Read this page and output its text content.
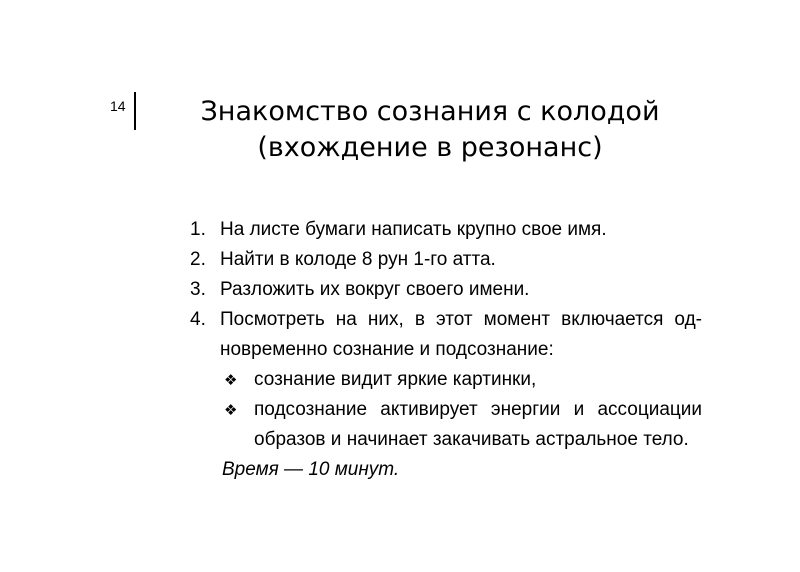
14	Знакомство сознания с колодой
(вхождение в резонанс)
1. На листе бумаги написать крупно свое имя.
2. Найти в колоде 8 рун 1-го атта.
3. Разложить их вокруг своего имени.
4. Посмотреть на них, в этот момент включается одновременно сознание и подсознание:
❖ сознание видит яркие картинки,
❖ подсознание активирует энергии и ассоциации образов и начинает закачивать астральное тело.
Время — 10 минут.
